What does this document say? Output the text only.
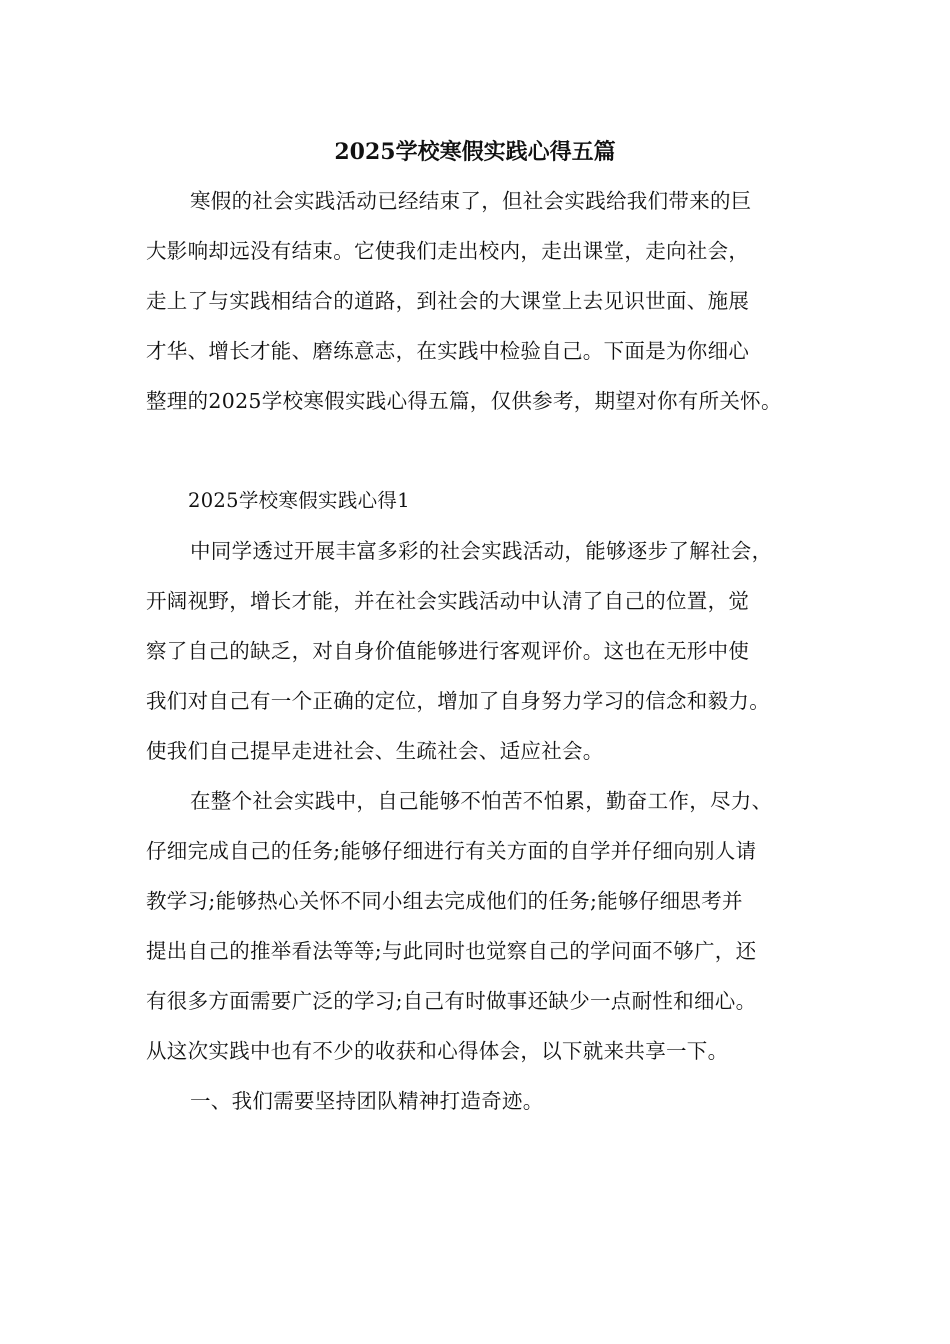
2025学校寒假实践心得五篇
寒假的社会实践活动已经结束了，但社会实践给我们带来的巨
大影响却远没有结束。它使我们走出校内，走出课堂，走向社会，
走上了与实践相结合的道路，到社会的大课堂上去见识世面、施展
才华、增长才能、磨练意志，在实践中检验自己。下面是为你细心
整理的2025学校寒假实践心得五篇，仅供参考，期望对你有所关怀。
2025学校寒假实践心得1
中同学透过开展丰富多彩的社会实践活动，能够逐步了解社会，
开阔视野，增长才能，并在社会实践活动中认清了自己的位置，觉
察了自己的缺乏，对自身价值能够进行客观评价。这也在无形中使
我们对自己有一个正确的定位，增加了自身努力学习的信念和毅力。
使我们自己提早走进社会、生疏社会、适应社会。
在整个社会实践中，自己能够不怕苦不怕累，勤奋工作，尽力、
仔细完成自己的任务;能够仔细进行有关方面的自学并仔细向别人请
教学习;能够热心关怀不同小组去完成他们的任务;能够仔细思考并
提出自己的推举看法等等;与此同时也觉察自己的学问面不够广，还
有很多方面需要广泛的学习;自己有时做事还缺少一点耐性和细心。
从这次实践中也有不少的收获和心得体会，以下就来共享一下。
一、我们需要坚持团队精神打造奇迹。
